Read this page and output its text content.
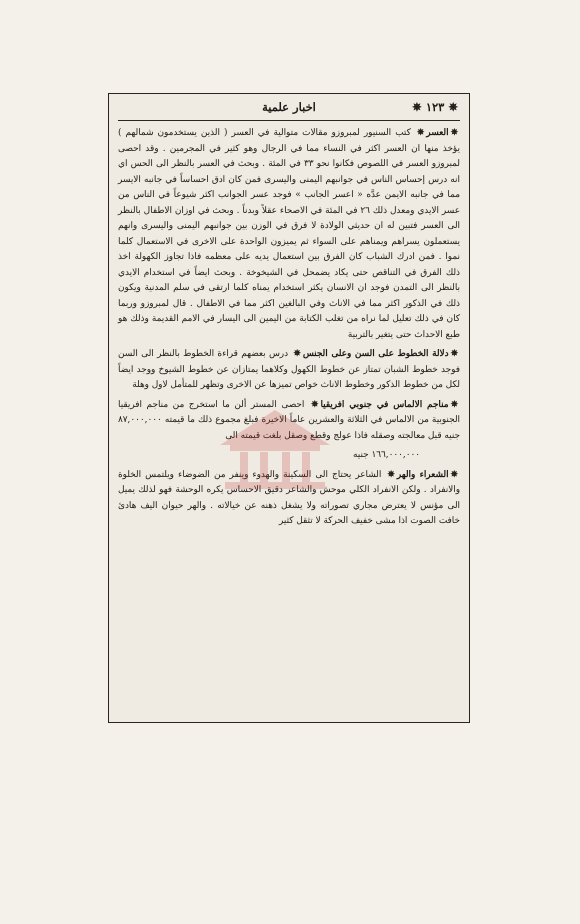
✵ ١٢٣ ✵
اخبار علمية

✵العسر✵ كتب السنيور لمبروزو مقالات متوالية في العسر ( الذين يستخدمون شمالهم ) يؤخذ منها ان العسر اكثر في النساء مما في الرجال وهو كثير في المجرمين . وقد احصى لمبروزو العسر في اللصوص فكانوا نحو ٣٣ في المئة . وبحث في العسر بالنظر الى الحس اي انه درس إحساس الناس في جوانبهم اليمنى واليسرى فمن كان ادق احساساً في جانبه الايسر مما في جانبه الايمن عدَّه « اعسر الجانب » فوجد عسر الجوانب اكثر شيوعاً في الناس من عسر الايدي ومعدل ذلك ٢٦ في المئة في الاصحاء عقلاً وبدناً . وبحث في اوزان الاطفال بالنظر الى العسر فتبين له ان حديثي الولادة لا فرق في الوزن بين جوانبهم اليمنى واليسرى وانهم يستعملون يسراهم ويمناهم على السواء ثم يميزون الواحدة على الاخرى في الاستعمال كلما نموا . فمن ادرك الشباب كان الفرق بين استعمال يديه على معظمه فاذا تجاوز الكهولة اخذ ذلك الفرق في التناقص حتى يكاد يضمحل في الشيخوخة . وبحث ايضاً في استخدام الايدي بالنظر الى التمدن فوجد ان الانسان يكثر استخدام يمناه كلما ارتقى في سلم المدنية ويكون ذلك في الذكور اكثر مما في الاناث وفي البالغين اكثر مما في الاطفال . قال لمبروزو وربما كان في ذلك تعليل لما نراه من تغلب الكتابة من اليمين الى اليسار في الامم القديمة وذلك هو طبع الاحداث حتى يتغير بالتربية

✵دلالة الخطوط على السن وعلى الجنس✵ درس بعضهم قراءة الخطوط بالنظر الى السن فوجد خطوط الشبان تمتاز عن خطوط الكهول وكلاهما يمتازان عن خطوط الشيوخ ووجد ايضاً لكل من خطوط الذكور وخطوط الاناث خواص تميزها عن الاخرى وتظهر للمتأمل لاول وهلة

✵مناجم الالماس في جنوبي افريقيا✵ احصى المستر ألن ما استخرج من مناجم افريقيا الجنوبية من الالماس في الثلاثة والعشرين عاماً الاخيرة فبلغ مجموع ذلك ما قيمته ٨٧,٠٠٠,٠٠٠ جنيه قبل معالجته وصقله فاذا عولج وقطع وصقل بلغت قيمته الى

١٦٦,٠٠٠,٠٠٠ جنيه

✵الشعراء والهر✵ الشاعر يحتاج الى السكينة والهدوء وينفر من الضوضاء ويلتمس الخلوة والانفراد . ولكن الانفراد الكلي موحش والشاعر دقيق الاحساس يكره الوحشة فهو لذلك يميل الى مؤنس لا يعترض مجاري تصوراته ولا يشغل ذهنه عن خيالاته . والهر حيوان اليف هادئ خافت الصوت اذا مشى خفيف الحركة لا تثقل كثير
